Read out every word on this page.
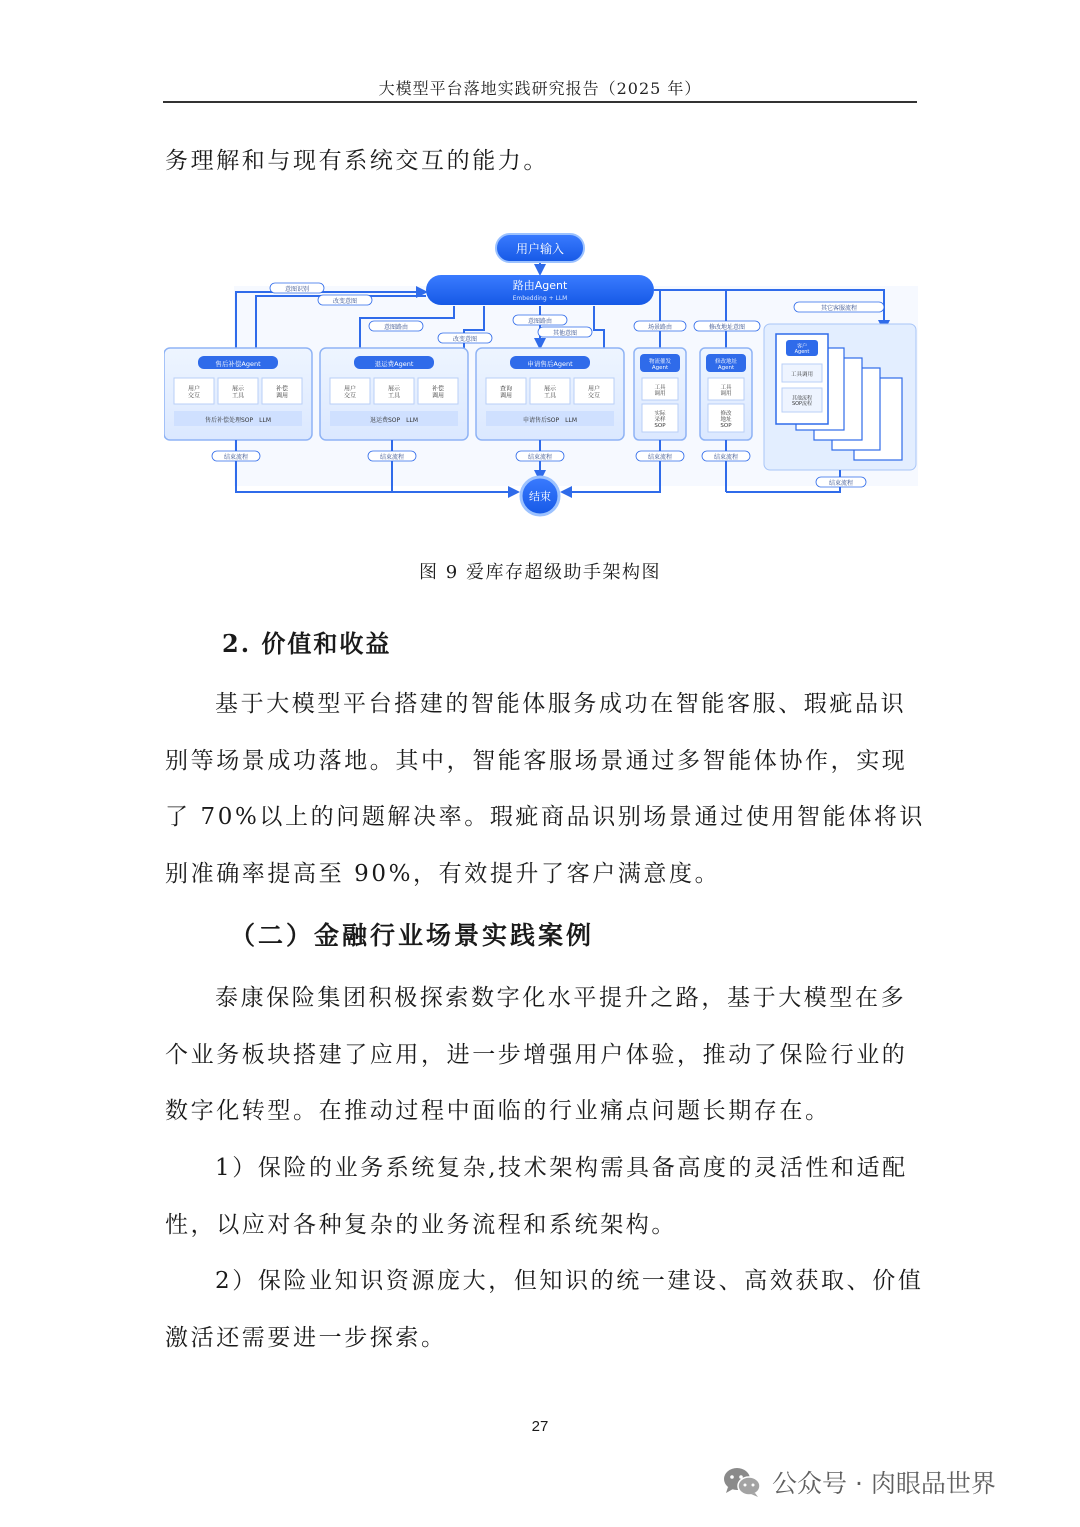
大模型平台落地实践研究报告（2025 年）
务理解和与现有系统交互的能力。
用户输入
路由Agent
Embedding + LLM
意图识别
改变意图
意图路由
改变意图
意图路由
其他意图
场景路由	修改地址意图
其它客服流程
售后补偿Agent
用户交互
展示工具
补偿调用
售后补偿处理SOP　LLM
退运费Agent
用户交互
展示工具
补偿调用
退运费SOP　LLM
申请售后Agent
查询调用
展示工具
用户交互
申请售后SOP　LLM
物流催发 Agent
工具调用
实际采样 SOP
修改地址 Agent
工具调用
修改地址 SOP
客户 Agent
工具调用
其他流程 SOP流程
结束流程	结束流程	结束流程	结束流程	结束流程
结束流程
结束
图 9 爱库存超级助手架构图
2. 价值和收益
基于大模型平台搭建的智能体服务成功在智能客服、瑕疵品识
别等场景成功落地。其中，智能客服场景通过多智能体协作，实现
了 70%以上的问题解决率。瑕疵商品识别场景通过使用智能体将识
别准确率提高至 90%，有效提升了客户满意度。
（二）金融行业场景实践案例
泰康保险集团积极探索数字化水平提升之路，基于大模型在多
个业务板块搭建了应用，进一步增强用户体验，推动了保险行业的
数字化转型。在推动过程中面临的行业痛点问题长期存在。
1）保险的业务系统复杂,技术架构需具备高度的灵活性和适配
性，以应对各种复杂的业务流程和系统架构。
2）保险业知识资源庞大，但知识的统一建设、高效获取、价值
激活还需要进一步探索。
27
公众号 · 肉眼品世界
